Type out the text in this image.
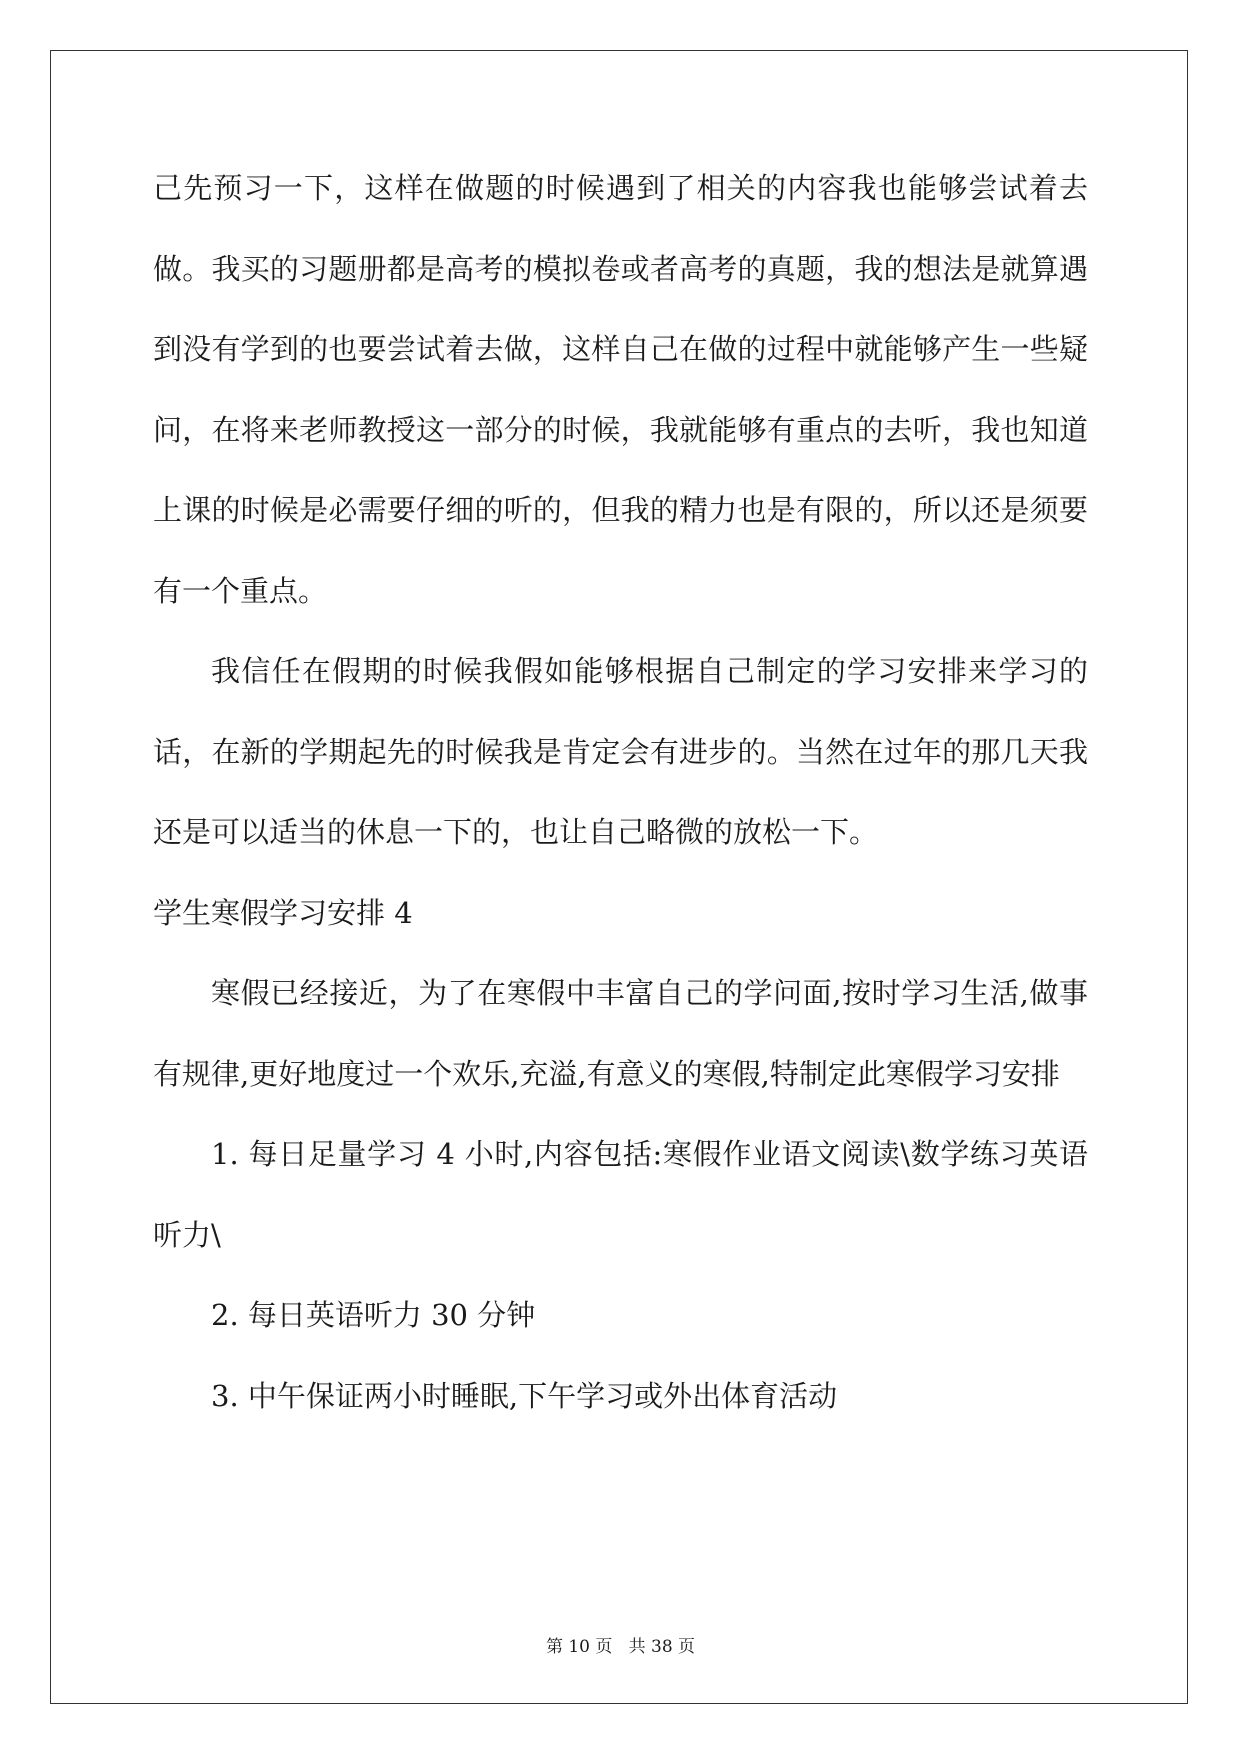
己先预习一下，这样在做题的时候遇到了相关的内容我也能够尝试着去做。我买的习题册都是高考的模拟卷或者高考的真题，我的想法是就算遇到没有学到的也要尝试着去做，这样自己在做的过程中就能够产生一些疑问，在将来老师教授这一部分的时候，我就能够有重点的去听，我也知道上课的时候是必需要仔细的听的，但我的精力也是有限的，所以还是须要有一个重点。

我信任在假期的时候我假如能够根据自己制定的学习安排来学习的话，在新的学期起先的时候我是肯定会有进步的。当然在过年的那几天我还是可以适当的休息一下的，也让自己略微的放松一下。

学生寒假学习安排 4

寒假已经接近，为了在寒假中丰富自己的学问面,按时学习生活,做事有规律,更好地度过一个欢乐,充溢,有意义的寒假,特制定此寒假学习安排

1. 每日足量学习 4 小时,内容包括:寒假作业语文阅读\数学练习英语听力\

2. 每日英语听力 30 分钟

3. 中午保证两小时睡眠,下午学习或外出体育活动

第 10 页 共 38 页
